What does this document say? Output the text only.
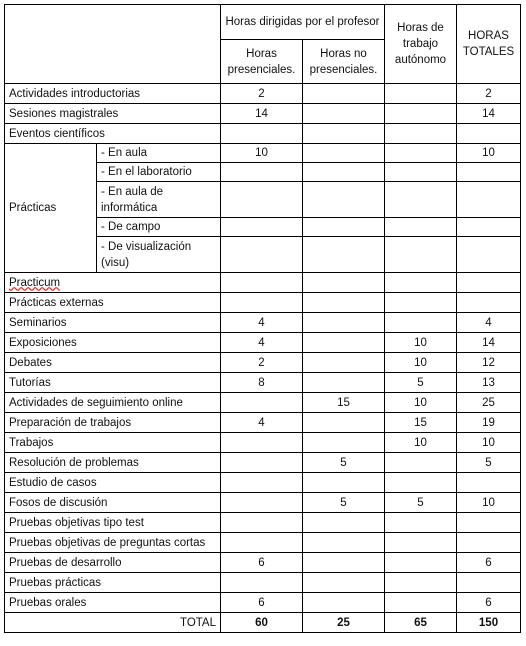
		Horas dirigidas por el profesor		Horas de trabajo autónomo	HORAS TOTALES
		Horas presenciales.	Horas no presenciales.		
Actividades introductorias		2			2
Sesiones magistrales		14			14
Eventos científicos					
Prácticas	- En aula	10			10
	- En el laboratorio				
	- En aula de informática				
	- De campo				
	- De visualización (visu)				
Practicum					
Prácticas externas					
Seminarios		4			4
Exposiciones		4		10	14
Debates		2		10	12
Tutorías		8		5	13
Actividades de seguimiento online			15	10	25
Preparación de trabajos		4		15	19
Trabajos				10	10
Resolución de problemas			5		5
Estudio de casos					
Fosos de discusión			5	5	10
Pruebas objetivas tipo test					
Pruebas objetivas de preguntas cortas					
Pruebas de desarrollo		6			6
Pruebas prácticas					
Pruebas orales		6			6
TOTAL		60	25	65	150
